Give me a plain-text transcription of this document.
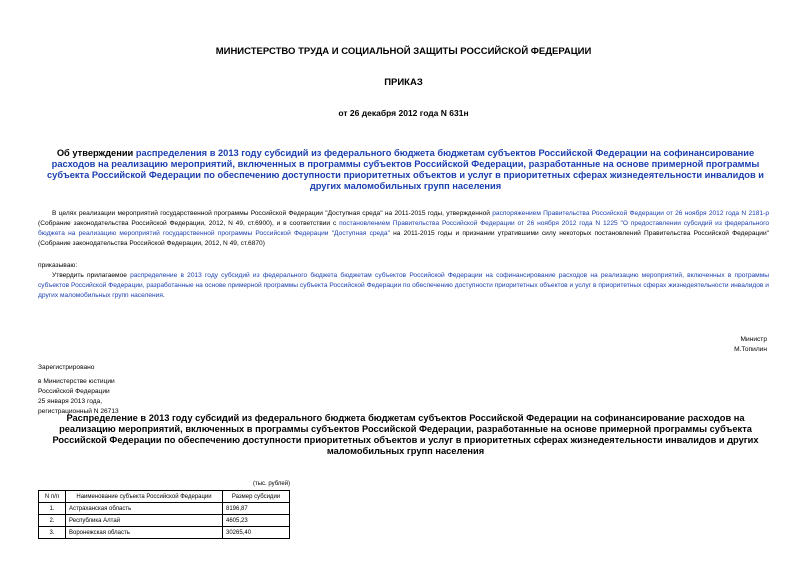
МИНИСТЕРСТВО ТРУДА И СОЦИАЛЬНОЙ ЗАЩИТЫ РОССИЙСКОЙ ФЕДЕРАЦИИ
ПРИКАЗ
от 26 декабря 2012 года N 631н
Об утверждении распределения в 2013 году субсидий из федерального бюджета бюджетам субъектов Российской Федерации на софинансирование расходов на реализацию мероприятий, включенных в программы субъектов Российской Федерации, разработанные на основе примерной программы субъекта Российской Федерации по обеспечению доступности приоритетных объектов и услуг в приоритетных сферах жизнедеятельности инвалидов и других маломобильных групп населения
В целях реализации мероприятий государственной программы Российской Федерации "Доступная среда" на 2011-2015 годы, утвержденной распоряжением Правительства Российской Федерации от 26 ноября 2012 года N 2181-р (Собрание законодательства Российской Федерации, 2012, N 49, ст.6900), и в соответствии с постановлением Правительства Российской Федерации от 26 ноября 2012 года N 1225 "О предоставлении субсидий из федерального бюджета на реализацию мероприятий государственной программы Российской Федерации "Доступная среда" на 2011-2015 годы и признании утратившими силу некоторых постановлений Правительства Российской Федерации" (Собрание законодательства Российской Федерации, 2012, N 49, ст.6870)
приказываю:
Утвердить прилагаемое распределение в 2013 году субсидий из федерального бюджета бюджетам субъектов Российской Федерации на софинансирование расходов на реализацию мероприятий, включенных в программы субъектов Российской Федерации, разработанные на основе примерной программы субъекта Российской Федерации по обеспечению доступности приоритетных объектов и услуг в приоритетных сферах жизнедеятельности инвалидов и других маломобильных групп населения.
Министр
М.Топилин
Зарегистрировано
в Министерстве юстиции
Российской Федерации
25 января 2013 года,
регистрационный N 26713
Распределение в 2013 году субсидий из федерального бюджета бюджетам субъектов Российской Федерации на софинансирование расходов на реализацию мероприятий, включенных в программы субъектов Российской Федерации, разработанные на основе примерной программы субъекта Российской Федерации по обеспечению доступности приоритетных объектов и услуг в приоритетных сферах жизнедеятельности инвалидов и других маломобильных групп населения
(тыс. рублей)
N п/п	Наименование субъекта Российской Федерации	Размер субсидии
1.	Астраханская область	8196,87
2.	Республика Алтай	4605,23
3.	Воронежская область	30265,40
